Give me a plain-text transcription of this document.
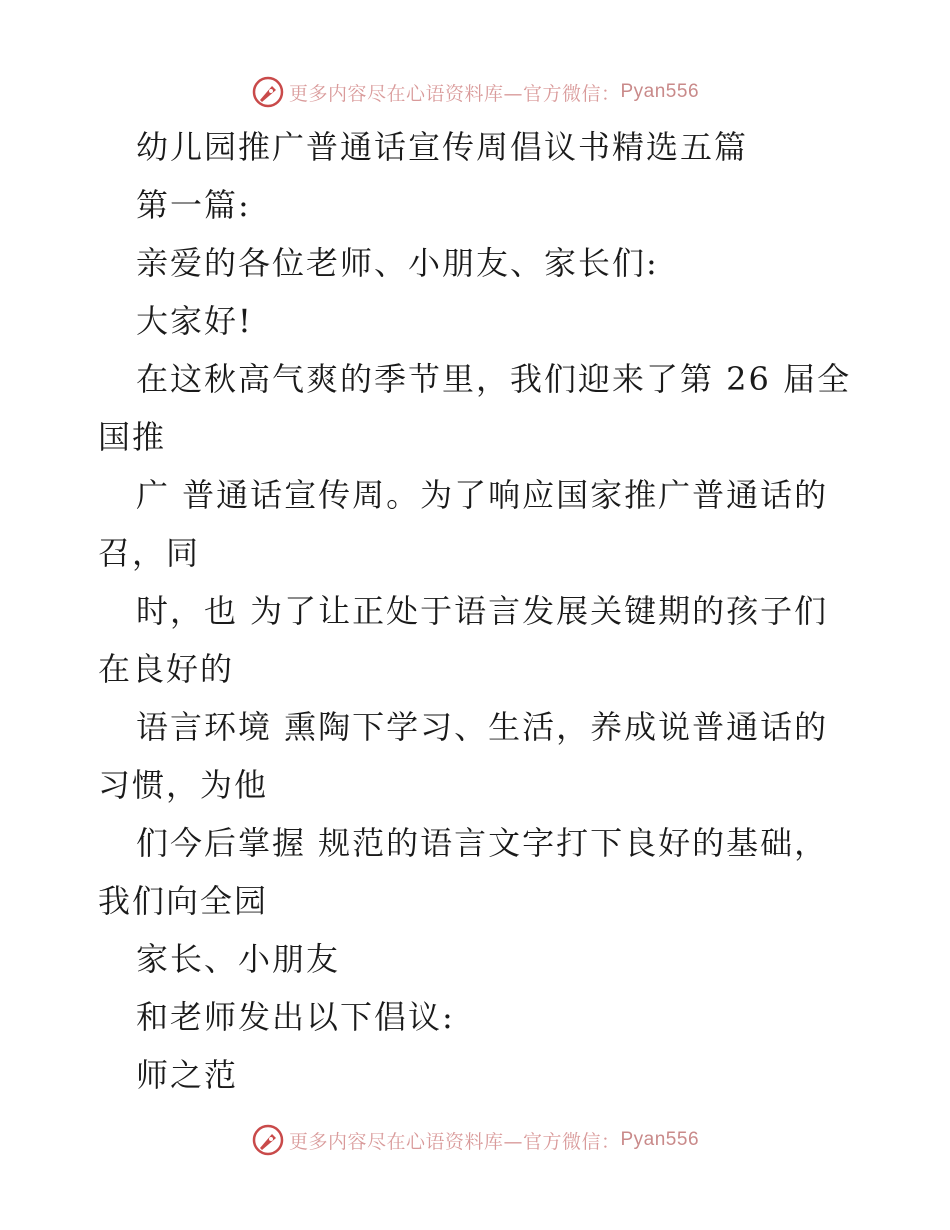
更多内容尽在心语资料库—官方微信： Pyan556
幼儿园推广普通话宣传周倡议书精选五篇
第一篇:
亲爱的各位老师、小朋友、家长们:
大家好!
在这秋高气爽的季节里，我们迎来了第 26 届全
国推
广 普通话宣传周。为了响应国家推广普通话的
召，同
时，也 为了让正处于语言发展关键期的孩子们
在良好的
语言环境 熏陶下学习、生活，养成说普通话的
习惯，为他
们今后掌握 规范的语言文字打下良好的基础，
我们向全园
家长、小朋友
和老师发出以下倡议:
师之范
更多内容尽在心语资料库—官方微信： Pyan556
